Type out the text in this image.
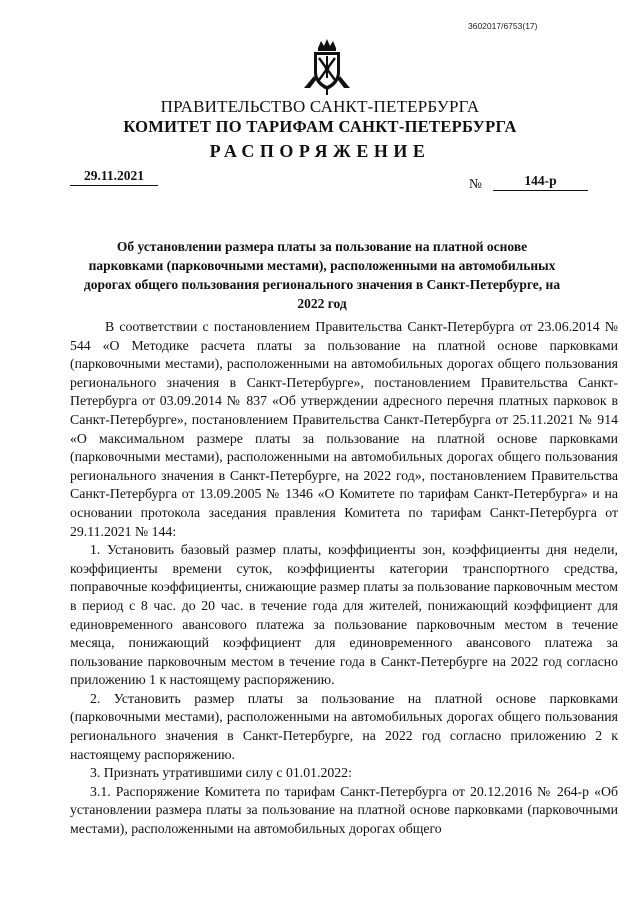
3602017/6753(17)
ПРАВИТЕЛЬСТВО САНКТ-ПЕТЕРБУРГА
КОМИТЕТ ПО ТАРИФАМ САНКТ-ПЕТЕРБУРГА
РАСПОРЯЖЕНИЕ
29.11.2021
№	144-р
Об установлении размера платы за пользование на платной основе парковками (парковочными местами), расположенными на автомобильных дорогах общего пользования регионального значения в Санкт-Петербурге, на 2022 год

В соответствии с постановлением Правительства Санкт-Петербурга от 23.06.2014 № 544 «О Методике расчета платы за пользование на платной основе парковками (парковочными местами), расположенными на автомобильных дорогах общего пользования регионального значения в Санкт-Петербурге», постановлением Правительства Санкт-Петербурга от 03.09.2014 № 837 «Об утверждении адресного перечня платных парковок в Санкт-Петербурге», постановлением Правительства Санкт-Петербурга от 25.11.2021 № 914 «О максимальном размере платы за пользование на платной основе парковками (парковочными местами), расположенными на автомобильных дорогах общего пользования регионального значения в Санкт-Петербурге, на 2022 год», постановлением Правительства Санкт-Петербурга от 13.09.2005 № 1346 «О Комитете по тарифам Санкт-Петербурга» и на основании протокола заседания правления Комитета по тарифам Санкт-Петербурга от 29.11.2021 № 144:

1. Установить базовый размер платы, коэффициенты зон, коэффициенты дня недели, коэффициенты времени суток, коэффициенты категории транспортного средства, поправочные коэффициенты, снижающие размер платы за пользование парковочным местом в период с 8 час. до 20 час. в течение года для жителей, понижающий коэффициент для единовременного авансового платежа за пользование парковочным местом в течение месяца, понижающий коэффициент для единовременного авансового платежа за пользование парковочным местом в течение года в Санкт-Петербурге на 2022 год согласно приложению 1 к настоящему распоряжению.

2. Установить размер платы за пользование на платной основе парковками (парковочными местами), расположенными на автомобильных дорогах общего пользования регионального значения в Санкт-Петербурге, на 2022 год согласно приложению 2 к настоящему распоряжению.

3. Признать утратившими силу с 01.01.2022:

3.1. Распоряжение Комитета по тарифам Санкт-Петербурга от 20.12.2016 № 264-р «Об установлении размера платы за пользование на платной основе парковками (парковочными местами), расположенными на автомобильных дорогах общего
